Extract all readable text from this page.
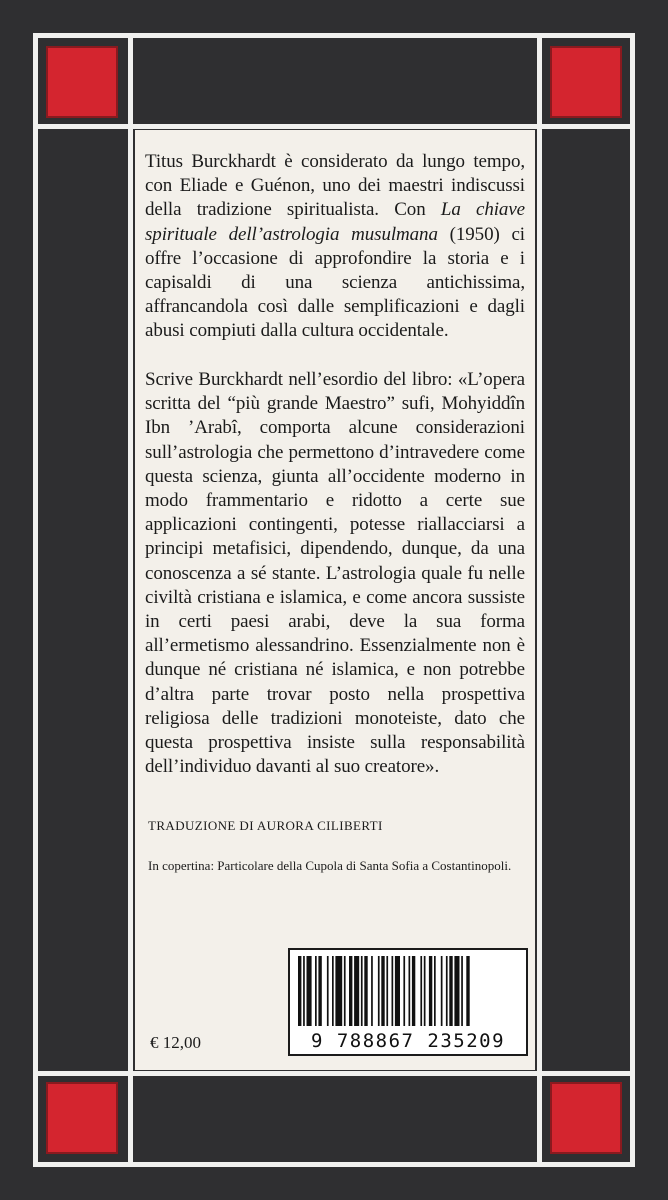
Titus Burckhardt è considerato da lungo tempo, con Eliade e Guénon, uno dei maestri indiscussi della tradizione spiritualista. Con La chiave spirituale dell’astrologia musulmana (1950) ci offre l’occasione di approfondire la storia e i capisaldi di una scienza antichissima, affrancandola così dalle semplificazioni e dagli abusi compiuti dalla cultura occidentale.

Scrive Burckhardt nell’esordio del libro: «L’opera scritta del “più grande Maestro” sufi, Mohyiddîn Ibn ’Arabî, comporta alcune considerazioni sull’astrologia che permettono d’intravedere come questa scienza, giunta all’occidente moderno in modo frammentario e ridotto a certe sue applicazioni contingenti, potesse riallacciarsi a principi metafisici, dipendendo, dunque, da una conoscenza a sé stante. L’astrologia quale fu nelle civiltà cristiana e islamica, e come ancora sussiste in certi paesi arabi, deve la sua forma all’ermetismo alessandrino. Essenzialmente non è dunque né cristiana né islamica, e non potrebbe d’altra parte trovar posto nella prospettiva religiosa delle tradizioni monoteiste, dato che questa prospettiva insiste sulla responsabilità dell’individuo davanti al suo creatore».

TRADUZIONE DI AURORA CILIBERTI

In copertina: Particolare della Cupola di Santa Sofia a Costantinopoli.

9 788867 235209

€ 12,00
